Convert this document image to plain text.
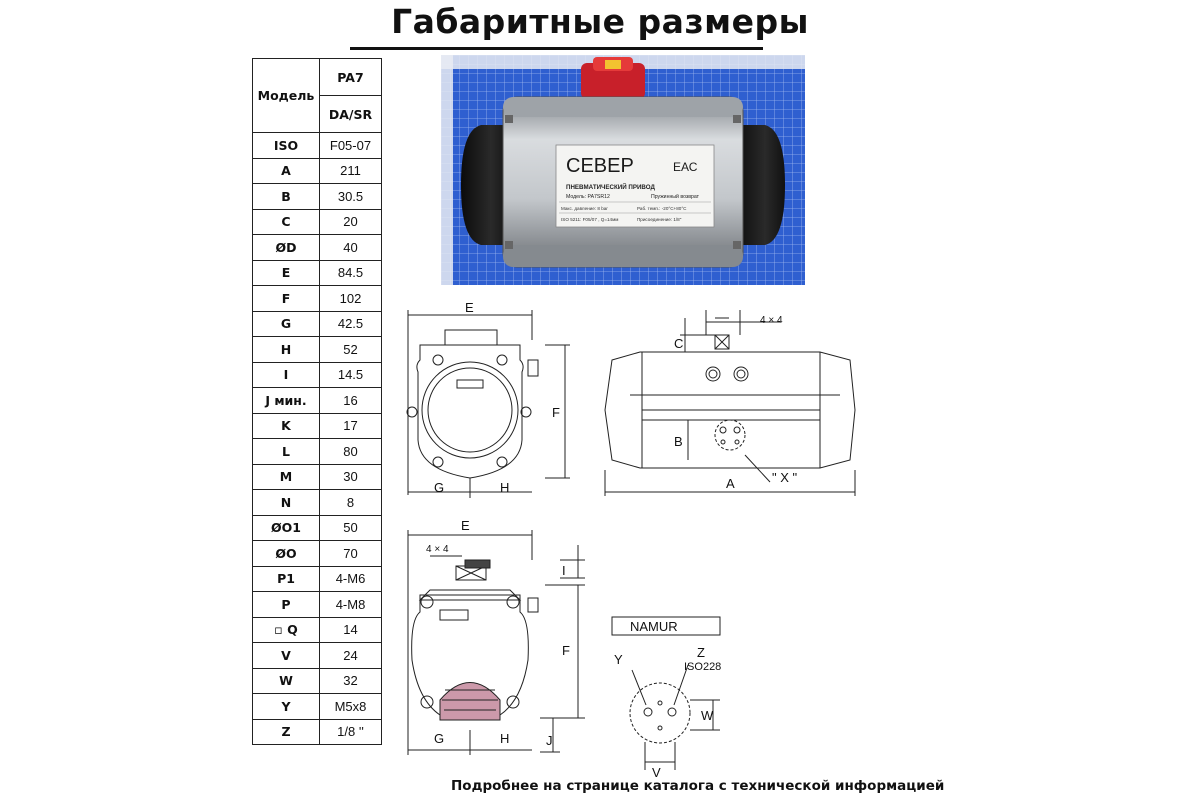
Габаритные размеры
Модель	PA7
	DA/SR
ISO	F05-07
A	211
B	30.5
C	20
ØD	40
E	84.5
F	102
G	42.5
H	52
I	14.5
J мин.	16
K	17
L	80
M	30
N	8
ØO1	50
ØO	70
P1	4-M6
P	4-M8
▫ Q	14
V	24
W	32
Y	M5x8
Z	1/8 ''
СЕВЕР	ЕАС
ПНЕВМАТИЧЕСКИЙ ПРИВОД
Модель: PA7SR12	Пружинный возврат
Макс. давление: 8 bar	Раб. темп.: -20°C+80°C
ISO 5211: F05/07 , Q=14мм	Присоединение: 1/8"
E
F
G	H
4 × 4
C
B
A	" X "
E
4 × 4
I
F
J
G	H
NAMUR
Y	Z
ISO228
W
V
Подробнее на странице каталога с технической информацией
